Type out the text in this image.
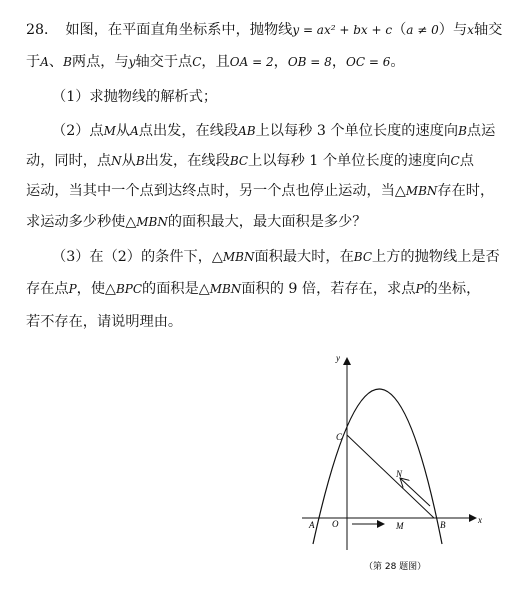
28．　如图，在平面直角坐标系中，抛物线y = ax² + bx + c（a ≠ 0）与x轴交
于A、B两点，与y轴交于点C，且OA = 2，OB = 8，OC = 6。
（1）求抛物线的解析式；
（2）点M从A点出发，在线段AB上以每秒 3 个单位长度的速度向B点运
动，同时，点N从B出发，在线段BC上以每秒 1 个单位长度的速度向C点
运动，当其中一个点到达终点时，另一个点也停止运动，当△MBN存在时，
求运动多少秒使△MBN的面积最大，最大面积是多少？
（3）在（2）的条件下，△MBN面积最大时，在BC上方的抛物线上是否
存在点P，使△BPC的面积是△MBN面积的 9 倍，若存在，求点P的坐标，
若不存在，请说明理由。
y
x
O
A	B
C
M
N
（第 28 题图）
